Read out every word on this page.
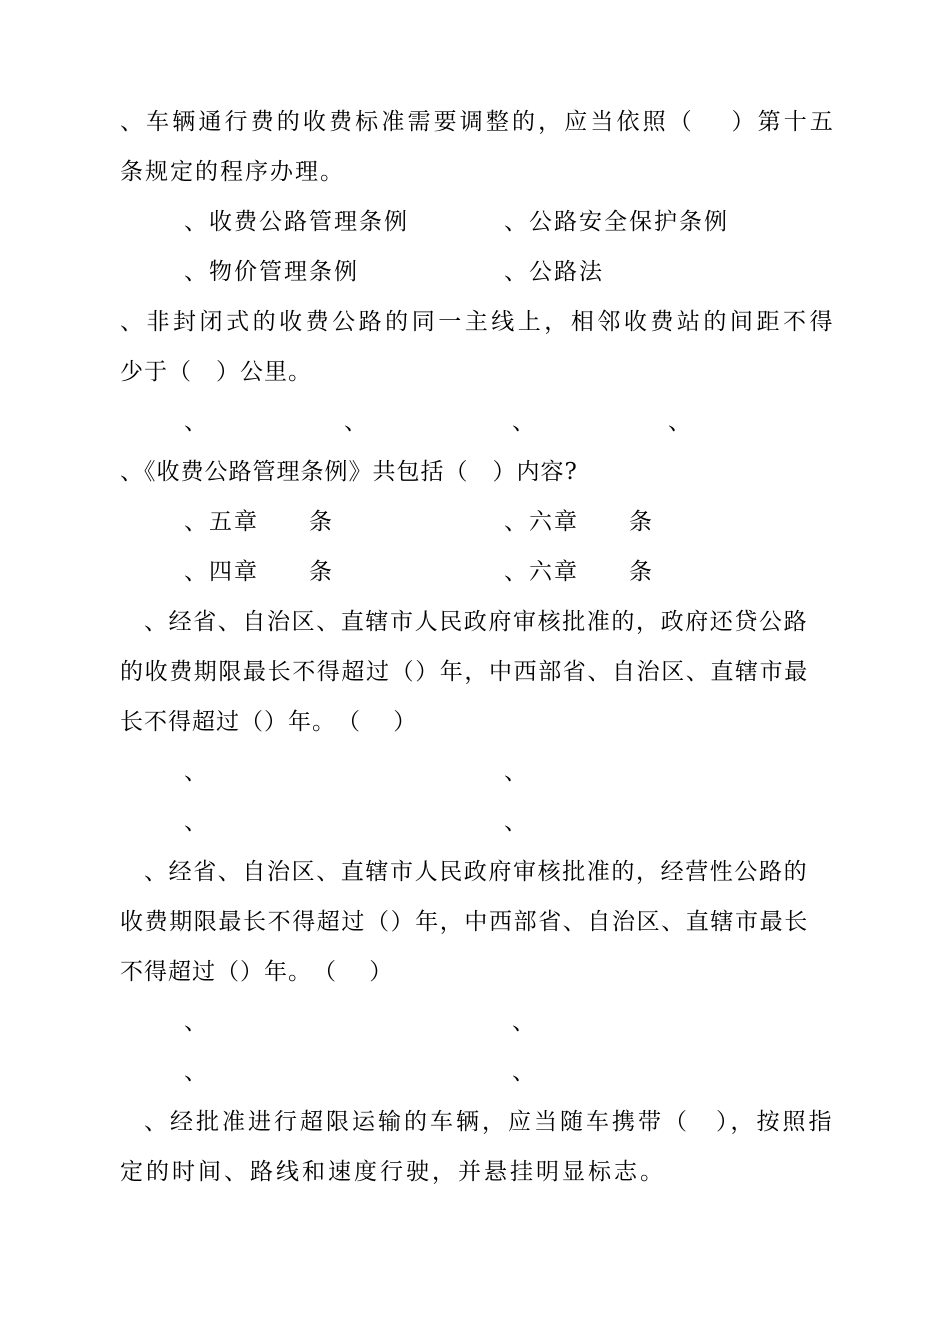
、车辆通行费的收费标准需要调整的，应当依照（　 ）第十五
条规定的程序办理。
、收费公路管理条例	、公路安全保护条例
、物价管理条例	、公路法
、非封闭式的收费公路的同一主线上，相邻收费站的间距不得
少于（　）公里。
、	、	、	、
、《收费公路管理条例》共包括（　）内容?
、五章　　条	、六章　　条
、四章　　条	、六章　　条
、经省、自治区、直辖市人民政府审核批准的，政府还贷公路
的收费期限最长不得超过（）年，中西部省、自治区、直辖市最
长不得超过（）年。　（　 ）
、	、
、	、
、经省、自治区、直辖市人民政府审核批准的，经营性公路的
收费期限最长不得超过（）年，中西部省、自治区、直辖市最长
不得超过（）年。　（　 ）
、	、
、	、
、经批准进行超限运输的车辆，应当随车携带（　），按照指
定的时间、路线和速度行驶，并悬挂明显标志。
